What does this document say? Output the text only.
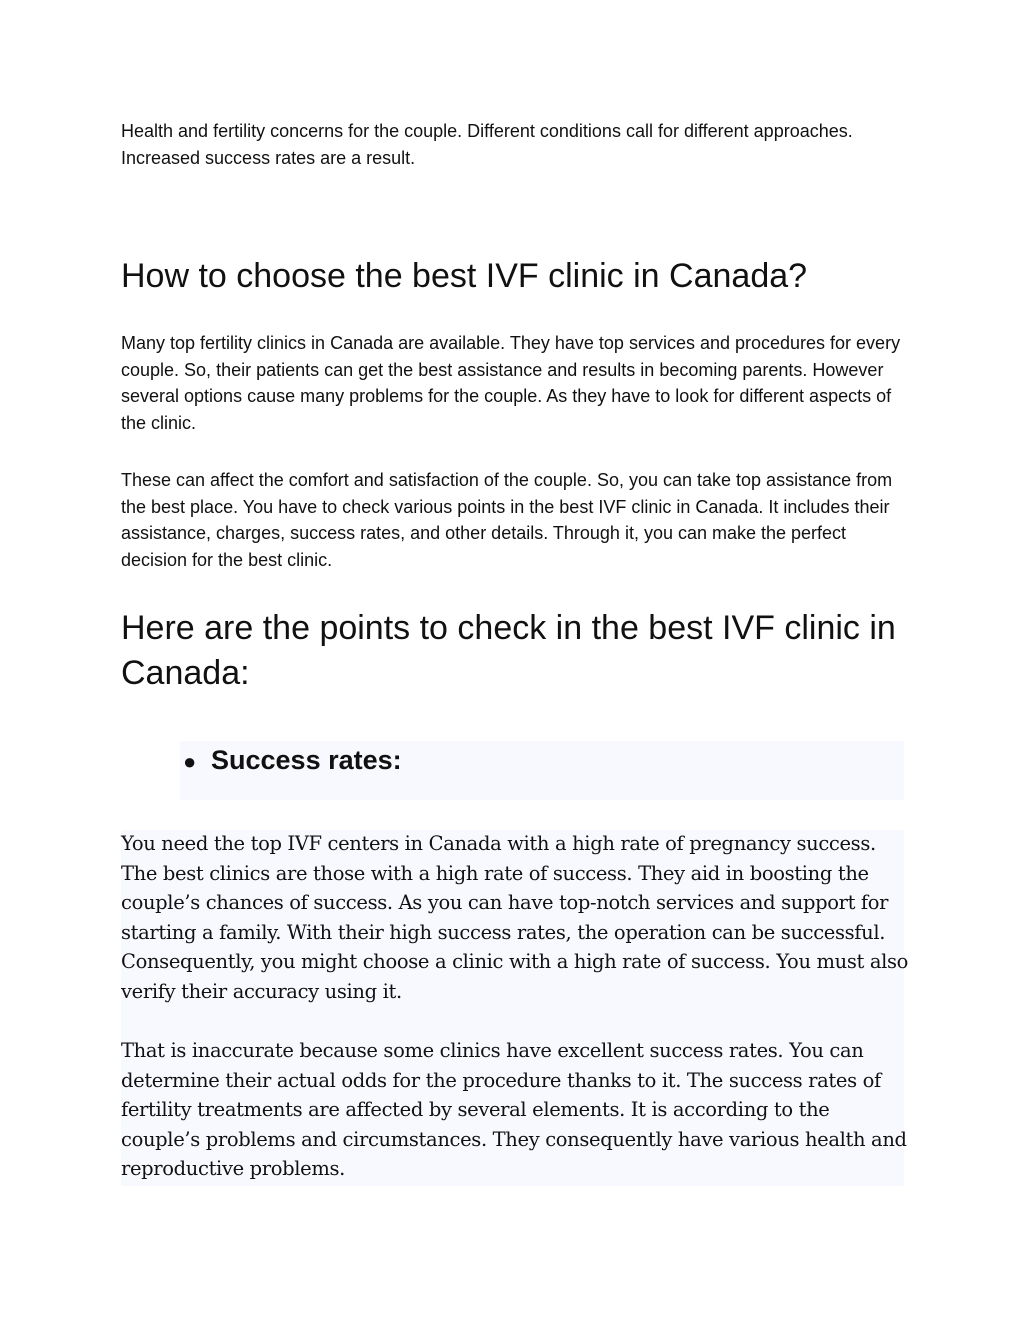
Health and fertility concerns for the couple. Different conditions call for different approaches. Increased success rates are a result.

How to choose the best IVF clinic in Canada?

Many top fertility clinics in Canada are available. They have top services and procedures for every couple. So, their patients can get the best assistance and results in becoming parents. However several options cause many problems for the couple. As they have to look for different aspects of the clinic.

These can affect the comfort and satisfaction of the couple. So, you can take top assistance from the best place. You have to check various points in the best IVF clinic in Canada. It includes their assistance, charges, success rates, and other details. Through it, you can make the perfect decision for the best clinic.

Here are the points to check in the best IVF clinic in Canada:
● Success rates:

You need the top IVF centers in Canada with a high rate of pregnancy success. The best clinics are those with a high rate of success. They aid in boosting the couple’s chances of success. As you can have top-notch services and support for starting a family. With their high success rates, the operation can be successful. Consequently, you might choose a clinic with a high rate of success. You must also verify their accuracy using it.

That is inaccurate because some clinics have excellent success rates. You can determine their actual odds for the procedure thanks to it. The success rates of fertility treatments are affected by several elements. It is according to the couple’s problems and circumstances. They consequently have various health and reproductive problems.
